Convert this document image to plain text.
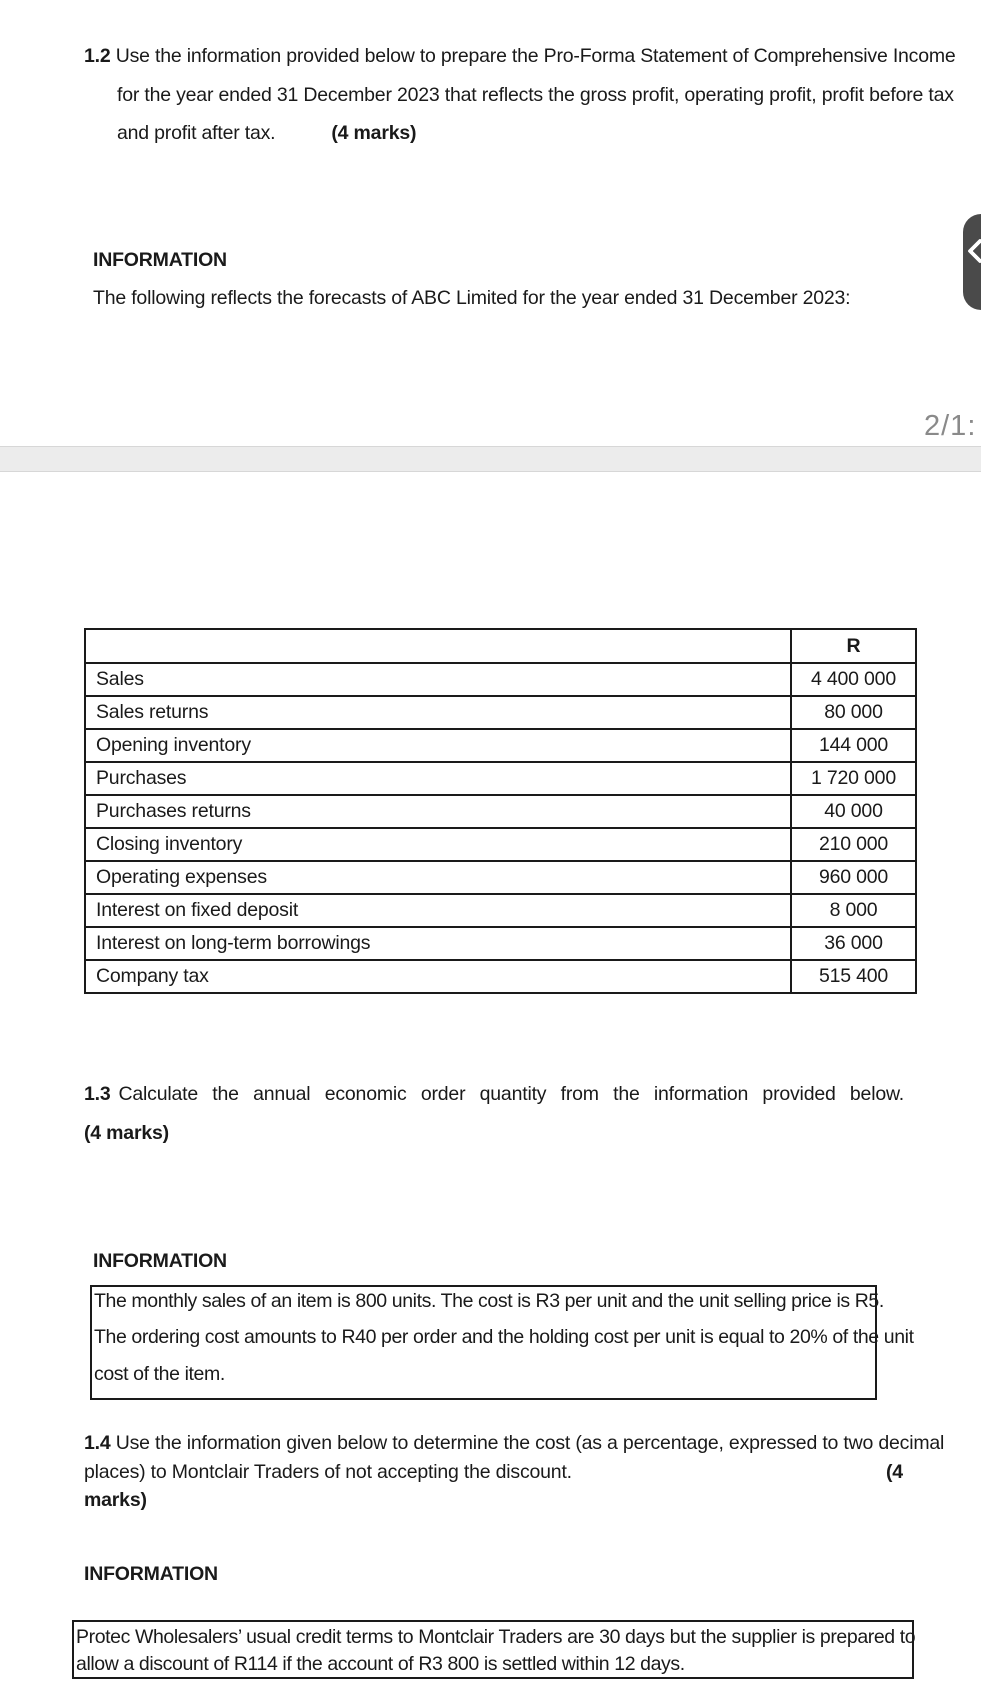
1.2 Use the information provided below to prepare the Pro-Forma Statement of Comprehensive Income
for the year ended 31 December 2023 that reflects the gross profit, operating profit, profit before tax
and profit after tax.	(4 marks)
INFORMATION
The following reflects the forecasts of ABC Limited for the year ended 31 December 2023:
2/1:
	R
Sales	4 400 000
Sales returns	80 000
Opening inventory	144 000
Purchases	1 720 000
Purchases returns	40 000
Closing inventory	210 000
Operating expenses	960 000
Interest on fixed deposit	8 000
Interest on long-term borrowings	36 000
Company tax	515 400
1.3 Calculate the annual economic order quantity from the information provided below.
(4 marks)
INFORMATION
The monthly sales of an item is 800 units. The cost is R3 per unit and the unit selling price is R5.
The ordering cost amounts to R40 per order and the holding cost per unit is equal to 20% of the unit
cost of the item.
1.4 Use the information given below to determine the cost (as a percentage, expressed to two decimal
places) to Montclair Traders of not accepting the discount.	(4
marks)
INFORMATION
Protec Wholesalers’ usual credit terms to Montclair Traders are 30 days but the supplier is prepared to
allow a discount of R114 if the account of R3 800 is settled within 12 days.
